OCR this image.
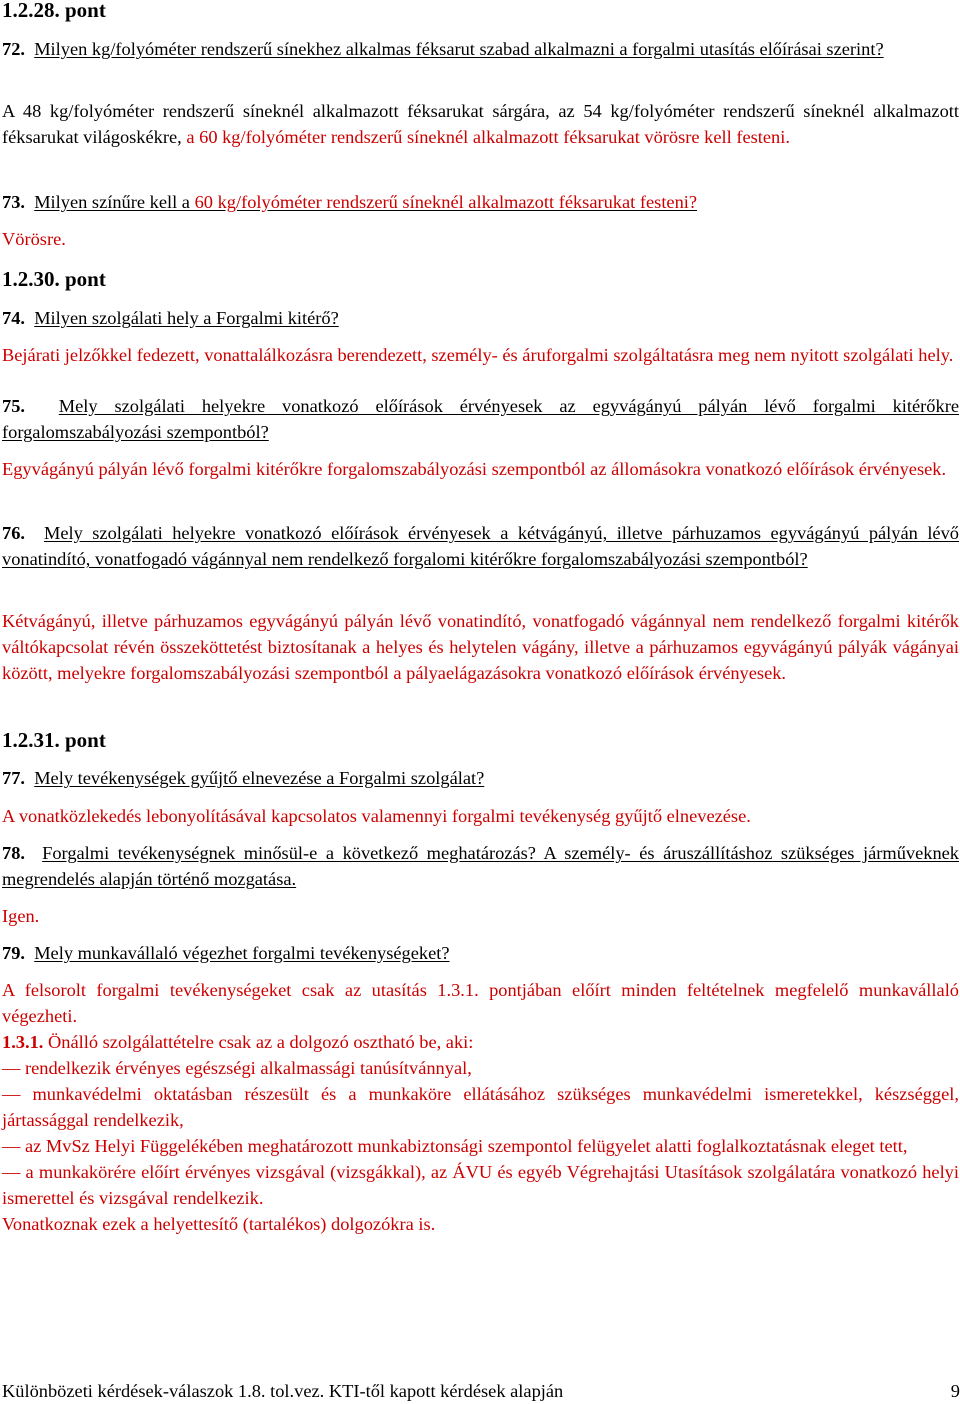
1.2.28. pont

72. Milyen kg/folyóméter rendszerű sínekhez alkalmas féksarut szabad alkalmazni a forgalmi utasítás előírásai szerint?

A 48 kg/folyóméter rendszerű síneknél alkalmazott féksarukat sárgára, az 54 kg/folyóméter rendszerű síneknél alkalmazott féksarukat világoskékre, a 60 kg/folyóméter rendszerű síneknél alkalmazott féksarukat vörösre kell festeni.

73. Milyen színűre kell a 60 kg/folyóméter rendszerű síneknél alkalmazott féksarukat festeni?

Vörösre.

1.2.30. pont

74. Milyen szolgálati hely a Forgalmi kitérő?

Bejárati jelzőkkel fedezett, vonattalálkozásra berendezett, személy- és áruforgalmi szolgáltatásra meg nem nyitott szolgálati hely.

75. Mely szolgálati helyekre vonatkozó előírások érvényesek az egyvágányú pályán lévő forgalmi kitérőkre forgalomszabályozási szempontból?

Egyvágányú pályán lévő forgalmi kitérőkre forgalomszabályozási szempontból az állomásokra vonatkozó előírások érvényesek.

76. Mely szolgálati helyekre vonatkozó előírások érvényesek a kétvágányú, illetve párhuzamos egyvágányú pályán lévő vonatindító, vonatfogadó vágánnyal nem rendelkező forgalomi kitérőkre forgalomszabályozási szempontból?

Kétvágányú, illetve párhuzamos egyvágányú pályán lévő vonatindító, vonatfogadó vágánnyal nem rendelkező forgalmi kitérők váltókapcsolat révén összeköttetést biztosítanak a helyes és helytelen vágány, illetve a párhuzamos egyvágányú pályák vágányai között, melyekre forgalomszabályozási szempontból a pályaelágazásokra vonatkozó előírások érvényesek.

1.2.31. pont

77. Mely tevékenységek gyűjtő elnevezése a Forgalmi szolgálat?

A vonatközlekedés lebonyolításával kapcsolatos valamennyi forgalmi tevékenység gyűjtő elnevezése.

78. Forgalmi tevékenységnek minősül-e a következő meghatározás? A személy- és áruszállításhoz szükséges járműveknek megrendelés alapján történő mozgatása.

Igen.

79. Mely munkavállaló végezhet forgalmi tevékenységeket?

A felsorolt forgalmi tevékenységeket csak az utasítás 1.3.1. pontjában előírt minden feltételnek megfelelő munkavállaló végezheti.
1.3.1. Önálló szolgálattételre csak az a dolgozó osztható be, aki:
— rendelkezik érvényes egészségi alkalmassági tanúsítvánnyal,
— munkavédelmi oktatásban részesült és a munkaköre ellátásához szükséges munkavédelmi ismeretekkel, készséggel, jártassággal rendelkezik,
— az MvSz Helyi Függelékében meghatározott munkabiztonsági szempontol felügyelet alatti foglalkoztatásnak eleget tett,
— a munkakörére előírt érvényes vizsgával (vizsgákkal), az ÁVU és egyéb Végrehajtási Utasítások szolgálatára vonatkozó helyi ismerettel és vizsgával rendelkezik.
Vonatkoznak ezek a helyettesítő (tartalékos) dolgozókra is.
Különbözeti kérdések-válaszok 1.8. tol.vez. KTI-től kapott kérdések alapján	9
